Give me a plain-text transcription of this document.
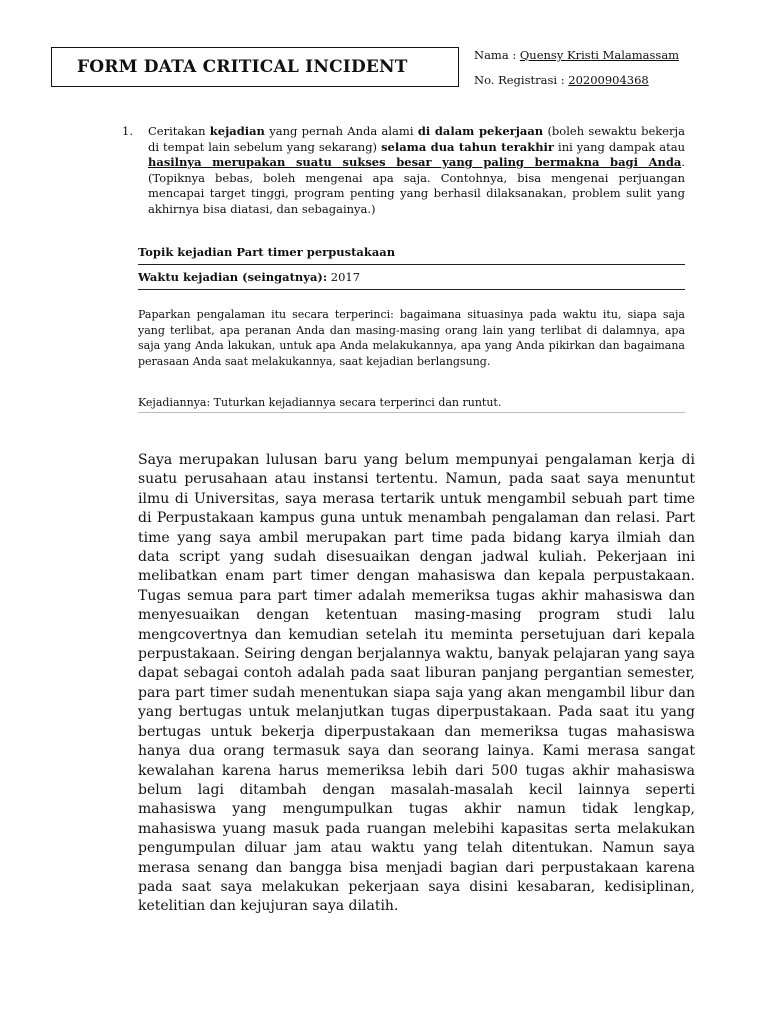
FORM DATA CRITICAL INCIDENT
Nama : Quensy Kristi Malamassam
No. Registrasi : 20200904368
1. Ceritakan kejadian yang pernah Anda alami di dalam pekerjaan (boleh sewaktu bekerja di tempat lain sebelum yang sekarang) selama dua tahun terakhir ini yang dampak atau hasilnya merupakan suatu sukses besar yang paling bermakna bagi Anda. (Topiknya bebas, boleh mengenai apa saja. Contohnya, bisa mengenai perjuangan mencapai target tinggi, program penting yang berhasil dilaksanakan, problem sulit yang akhirnya bisa diatasi, dan sebagainya.)
Topik kejadian Part timer perpustakaan
Waktu kejadian (seingatnya): 2017
Paparkan pengalaman itu secara terperinci: bagaimana situasinya pada waktu itu, siapa saja yang terlibat, apa peranan Anda dan masing-masing orang lain yang terlibat di dalamnya, apa saja yang Anda lakukan, untuk apa Anda melakukannya, apa yang Anda pikirkan dan bagaimana perasaan Anda saat melakukannya, saat kejadian berlangsung.
Kejadiannya: Tuturkan kejadiannya secara terperinci dan runtut.
Saya merupakan lulusan baru yang belum mempunyai pengalaman kerja di suatu perusahaan atau instansi tertentu. Namun, pada saat saya menuntut ilmu di Universitas, saya merasa tertarik untuk mengambil sebuah part time di Perpustakaan kampus guna untuk menambah pengalaman dan relasi. Part time yang saya ambil merupakan part time pada bidang karya ilmiah dan data script yang sudah disesuaikan dengan jadwal kuliah. Pekerjaan ini melibatkan enam part timer dengan mahasiswa dan kepala perpustakaan. Tugas semua para part timer adalah memeriksa tugas akhir mahasiswa dan menyesuaikan dengan ketentuan masing-masing program studi lalu mengcovertnya dan kemudian setelah itu meminta persetujuan dari kepala perpustakaan. Seiring dengan berjalannya waktu, banyak pelajaran yang saya dapat sebagai contoh adalah pada saat liburan panjang pergantian semester, para part timer sudah menentukan siapa saja yang akan mengambil libur dan yang bertugas untuk melanjutkan tugas diperpustakaan. Pada saat itu yang bertugas untuk bekerja diperpustakaan dan memeriksa tugas mahasiswa hanya dua orang termasuk saya dan seorang lainya. Kami merasa sangat kewalahan karena harus memeriksa lebih dari 500 tugas akhir mahasiswa belum lagi ditambah dengan masalah-masalah kecil lainnya seperti mahasiswa yang mengumpulkan tugas akhir namun tidak lengkap, mahasiswa yuang masuk pada ruangan melebihi kapasitas serta melakukan pengumpulan diluar jam atau waktu yang telah ditentukan. Namun saya merasa senang dan bangga bisa menjadi bagian dari perpustakaan karena pada saat saya melakukan pekerjaan saya disini kesabaran, kedisiplinan, ketelitian dan kejujuran saya dilatih.
